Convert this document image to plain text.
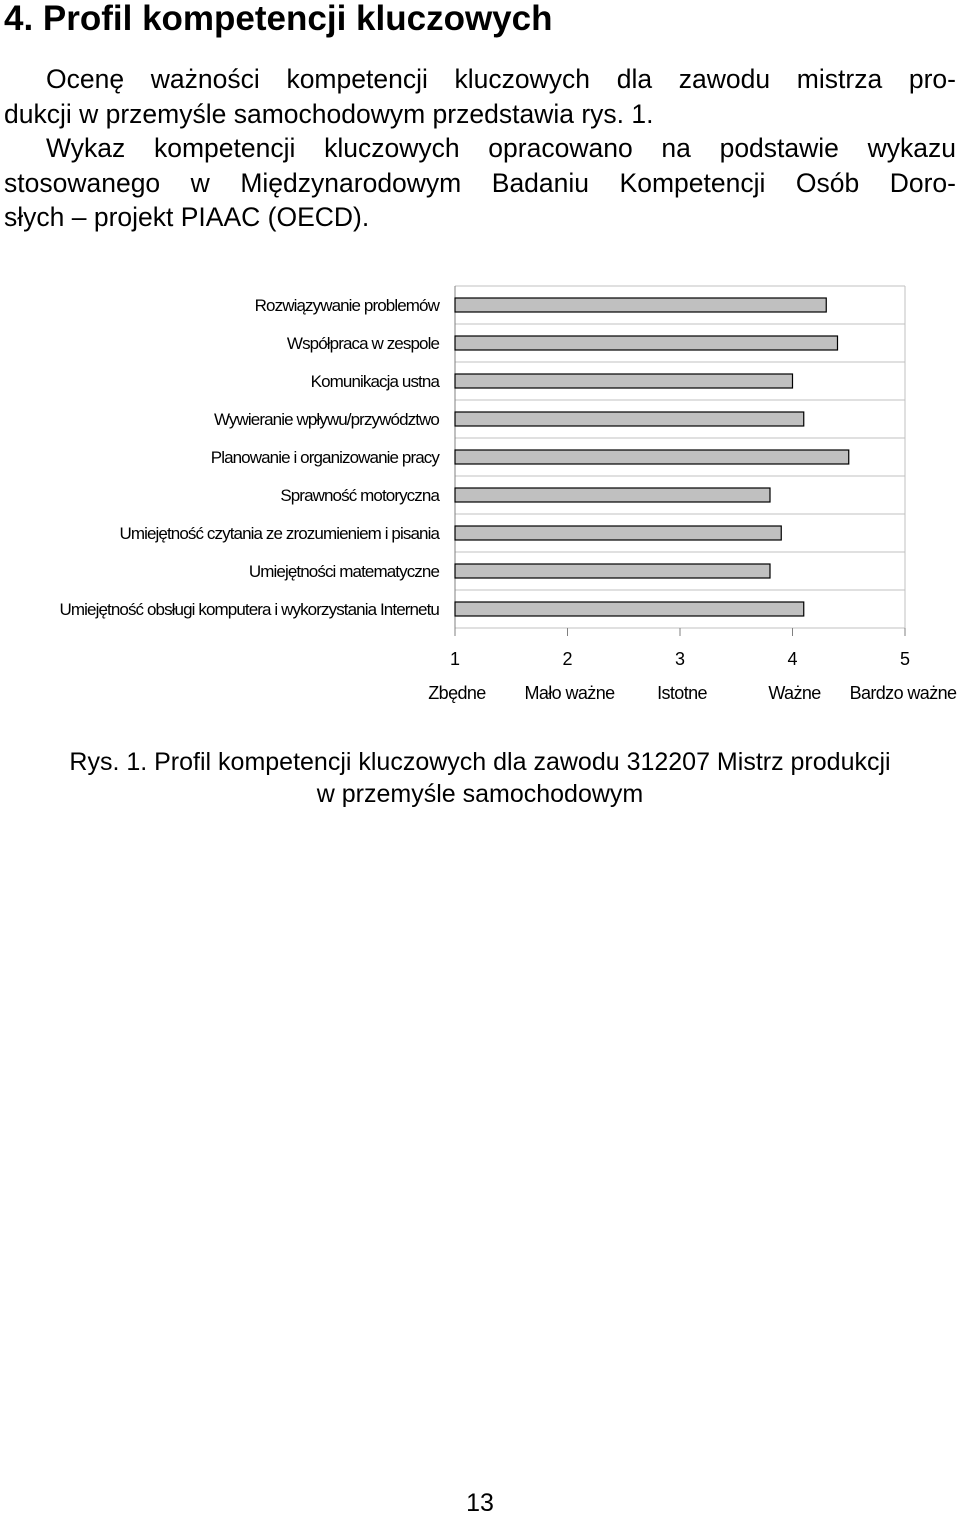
4. Profil kompetencji kluczowych
Ocenę ważności kompetencji kluczowych dla zawodu mistrza pro-
dukcji w przemyśle samochodowym przedstawia rys. 1.
Wykaz kompetencji kluczowych opracowano na podstawie wykazu
stosowanego w Międzynarodowym Badaniu Kompetencji Osób Doro-
słych – projekt PIAAC (OECD).
Rozwiązywanie problemów
Współpraca w zespole
Komunikacja ustna
Wywieranie wpływu/przywództwo
Planowanie i organizowanie pracy
Sprawność motoryczna
Umiejętność czytania ze zrozumieniem i pisania
Umiejętności matematyczne
Umiejętność obsługi komputera i wykorzystania Internetu
1
Zbędne
2
Mało ważne
3
Istotne
4
Ważne
5
Bardzo ważne
Rys. 1. Profil kompetencji kluczowych dla zawodu 312207 Mistrz produkcji
w przemyśle samochodowym
13
